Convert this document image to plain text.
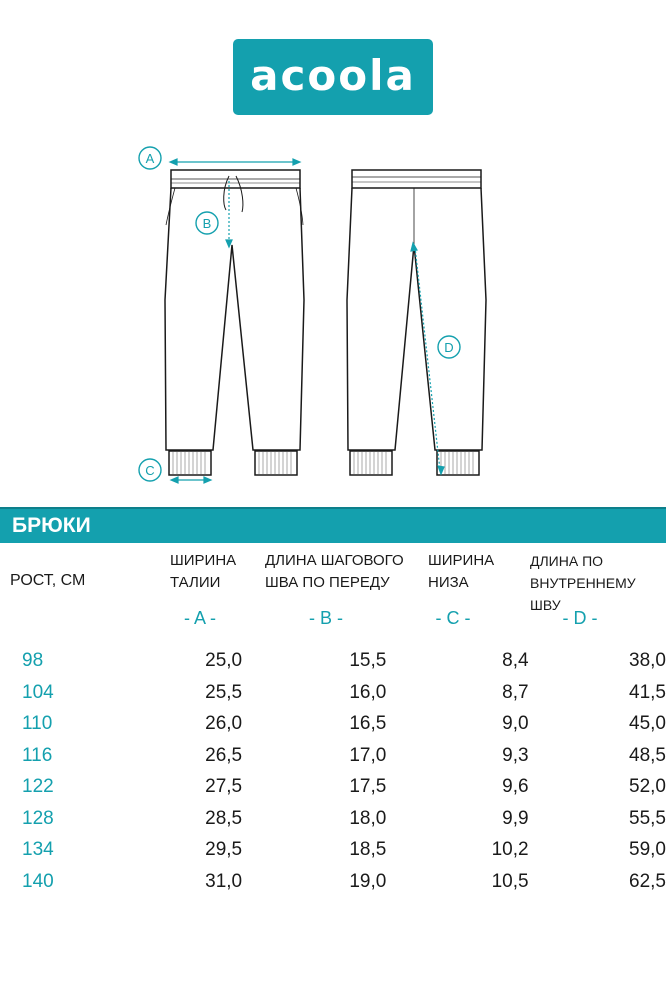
acoola
A
B
C
D
БРЮКИ
РОСТ, СМ
ШИРИНА
ТАЛИИ
ДЛИНА ШАГОВОГО
ШВА ПО ПЕРЕДУ
ШИРИНА
НИЗА
ДЛИНА ПО
ВНУТРЕННЕМУ ШВУ
- A -	- B -	- C -	- D -
98	25,0	15,5	8,4	38,0
104	25,5	16,0	8,7	41,5
110	26,0	16,5	9,0	45,0
116	26,5	17,0	9,3	48,5
122	27,5	17,5	9,6	52,0
128	28,5	18,0	9,9	55,5
134	29,5	18,5	10,2	59,0
140	31,0	19,0	10,5	62,5
